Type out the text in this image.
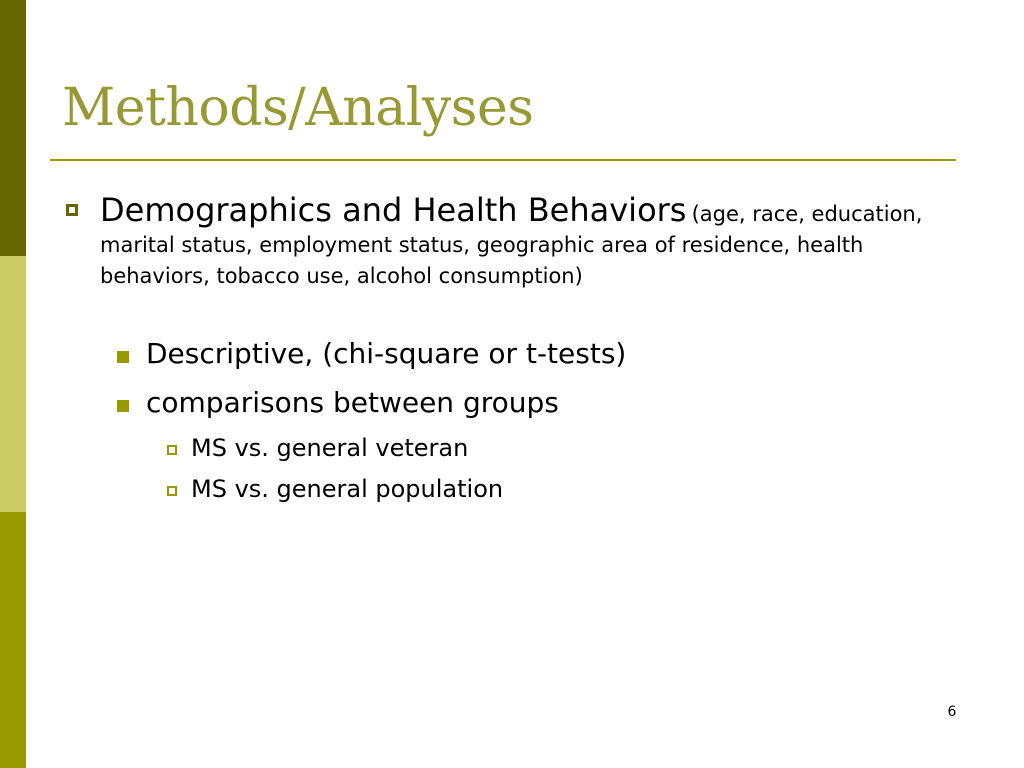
Methods/Analyses
Demographics and Health Behaviors (age, race, education, marital status, employment status, geographic area of residence, health behaviors, tobacco use, alcohol consumption)
Descriptive, (chi-square or t-tests)
comparisons between groups
MS vs. general veteran
MS vs. general population
6
